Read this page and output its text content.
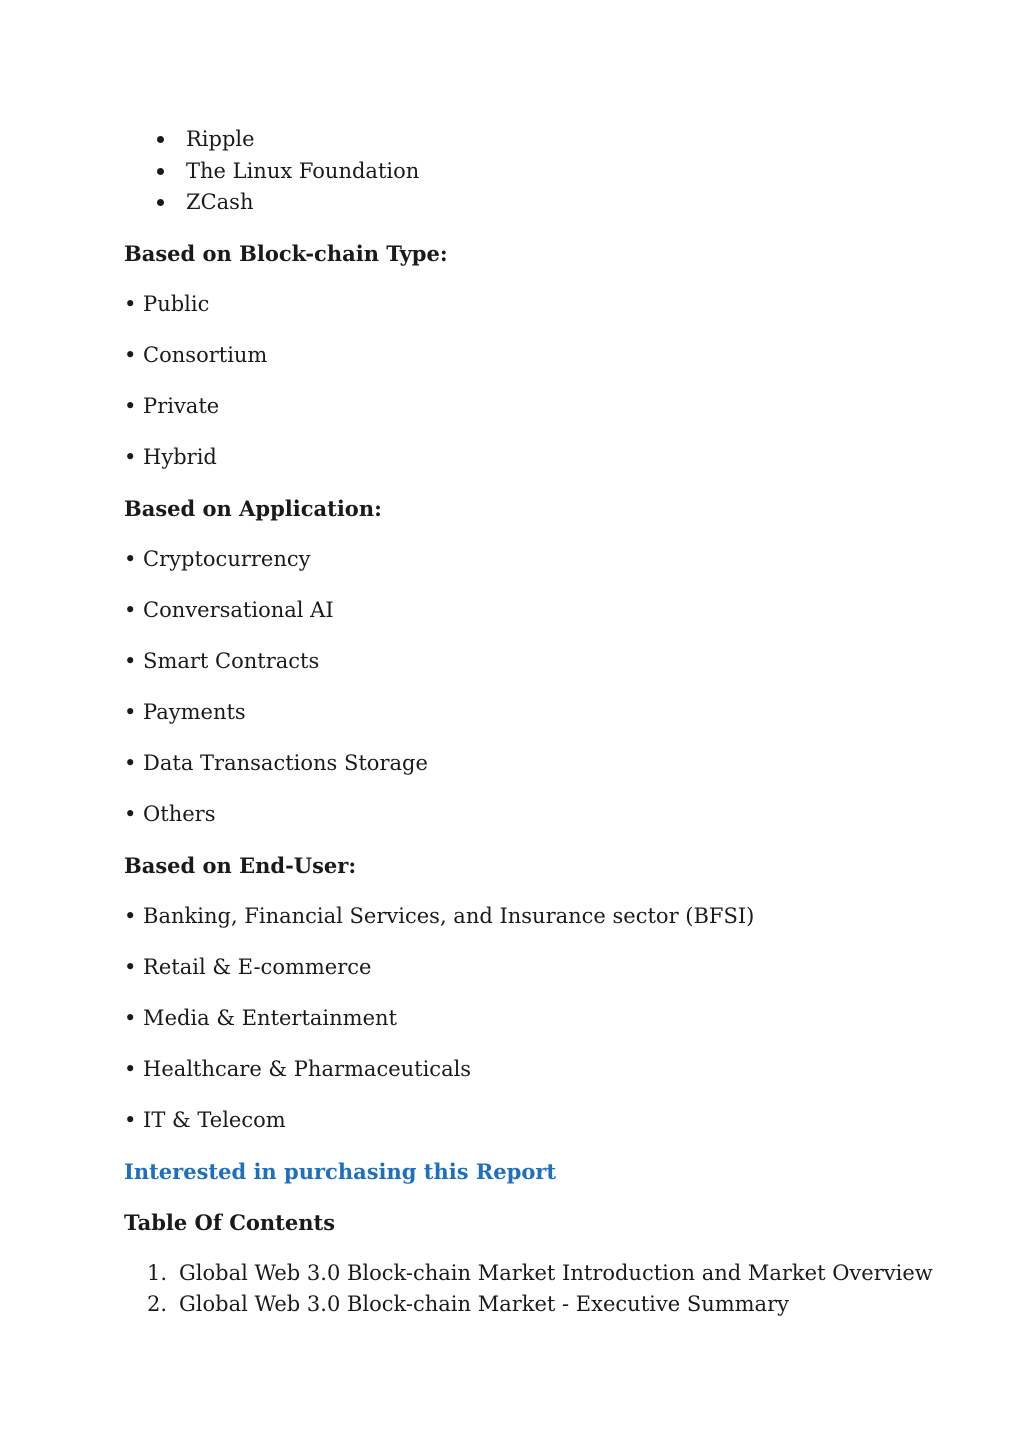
Ripple
The Linux Foundation
ZCash

Based on Block-chain Type:

• Public

• Consortium

• Private

• Hybrid

Based on Application:

• Cryptocurrency

• Conversational AI

• Smart Contracts

• Payments

• Data Transactions Storage

• Others

Based on End-User:

• Banking, Financial Services, and Insurance sector (BFSI)

• Retail & E-commerce

• Media & Entertainment

• Healthcare & Pharmaceuticals

• IT & Telecom

Interested in purchasing this Report

Table Of Contents

1. Global Web 3.0 Block-chain Market Introduction and Market Overview
2. Global Web 3.0 Block-chain Market - Executive Summary
